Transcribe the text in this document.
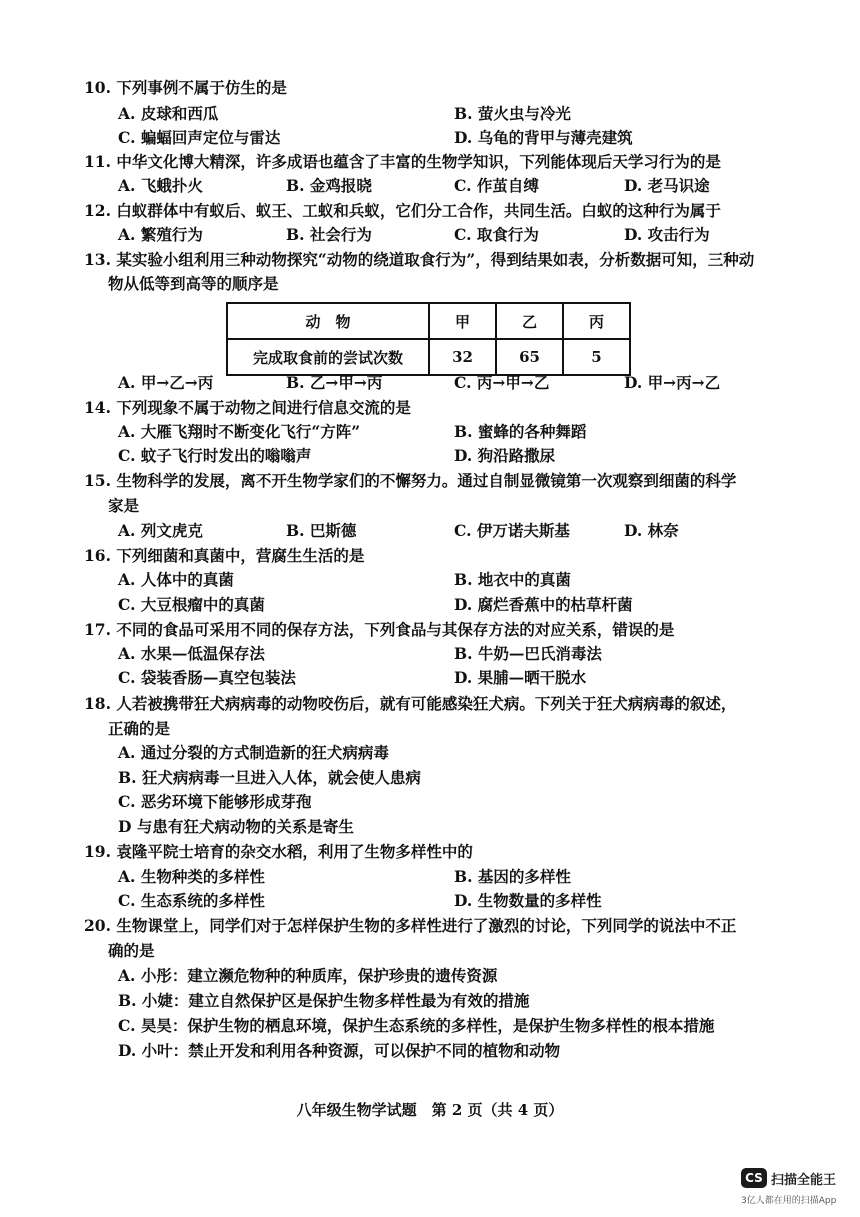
10. 下列事例不属于仿生的是
A. 皮球和西瓜	B. 萤火虫与冷光
C. 蝙蝠回声定位与雷达	D. 乌龟的背甲与薄壳建筑
11. 中华文化博大精深，许多成语也蕴含了丰富的生物学知识，下列能体现后天学习行为的是
A. 飞蛾扑火	B. 金鸡报晓	C. 作茧自缚	D. 老马识途
12. 白蚁群体中有蚁后、蚁王、工蚁和兵蚁，它们分工合作，共同生活。白蚁的这种行为属于
A. 繁殖行为	B. 社会行为	C. 取食行为	D. 攻击行为
13. 某实验小组利用三种动物探究“动物的绕道取食行为”，得到结果如表，分析数据可知，三种动
物从低等到高等的顺序是
动　物	甲	乙	丙
完成取食前的尝试次数	32	65	5
A. 甲→乙→丙	B. 乙→甲→丙	C. 丙→甲→乙	D. 甲→丙→乙
14. 下列现象不属于动物之间进行信息交流的是
A. 大雁飞翔时不断变化飞行“方阵”	B. 蜜蜂的各种舞蹈
C. 蚊子飞行时发出的嗡嗡声	D. 狗沿路撒尿
15. 生物科学的发展，离不开生物学家们的不懈努力。通过自制显微镜第一次观察到细菌的科学
家是
A. 列文虎克	B. 巴斯德	C. 伊万诺夫斯基	D. 林奈
16. 下列细菌和真菌中，营腐生生活的是
A. 人体中的真菌	B. 地衣中的真菌
C. 大豆根瘤中的真菌	D. 腐烂香蕉中的枯草杆菌
17. 不同的食品可采用不同的保存方法，下列食品与其保存方法的对应关系，错误的是
A. 水果—低温保存法	B. 牛奶—巴氏消毒法
C. 袋装香肠—真空包装法	D. 果脯—晒干脱水
18. 人若被携带狂犬病病毒的动物咬伤后，就有可能感染狂犬病。下列关于狂犬病病毒的叙述，
正确的是
A. 通过分裂的方式制造新的狂犬病病毒
B. 狂犬病病毒一旦进入人体，就会使人患病
C. 恶劣环境下能够形成芽孢
D 与患有狂犬病动物的关系是寄生
19. 袁隆平院士培育的杂交水稻，利用了生物多样性中的
A. 生物种类的多样性	B. 基因的多样性
C. 生态系统的多样性	D. 生物数量的多样性
20. 生物课堂上，同学们对于怎样保护生物的多样性进行了激烈的讨论，下列同学的说法中不正
确的是
A. 小彤：建立濒危物种的种质库，保护珍贵的遗传资源
B. 小婕：建立自然保护区是保护生物多样性最为有效的措施
C. 昊昊：保护生物的栖息环境，保护生态系统的多样性，是保护生物多样性的根本措施
D. 小叶：禁止开发和利用各种资源，可以保护不同的植物和动物
八年级生物学试题　第 2 页（共 4 页）
CS 扫描全能王
3亿人都在用的扫描App
